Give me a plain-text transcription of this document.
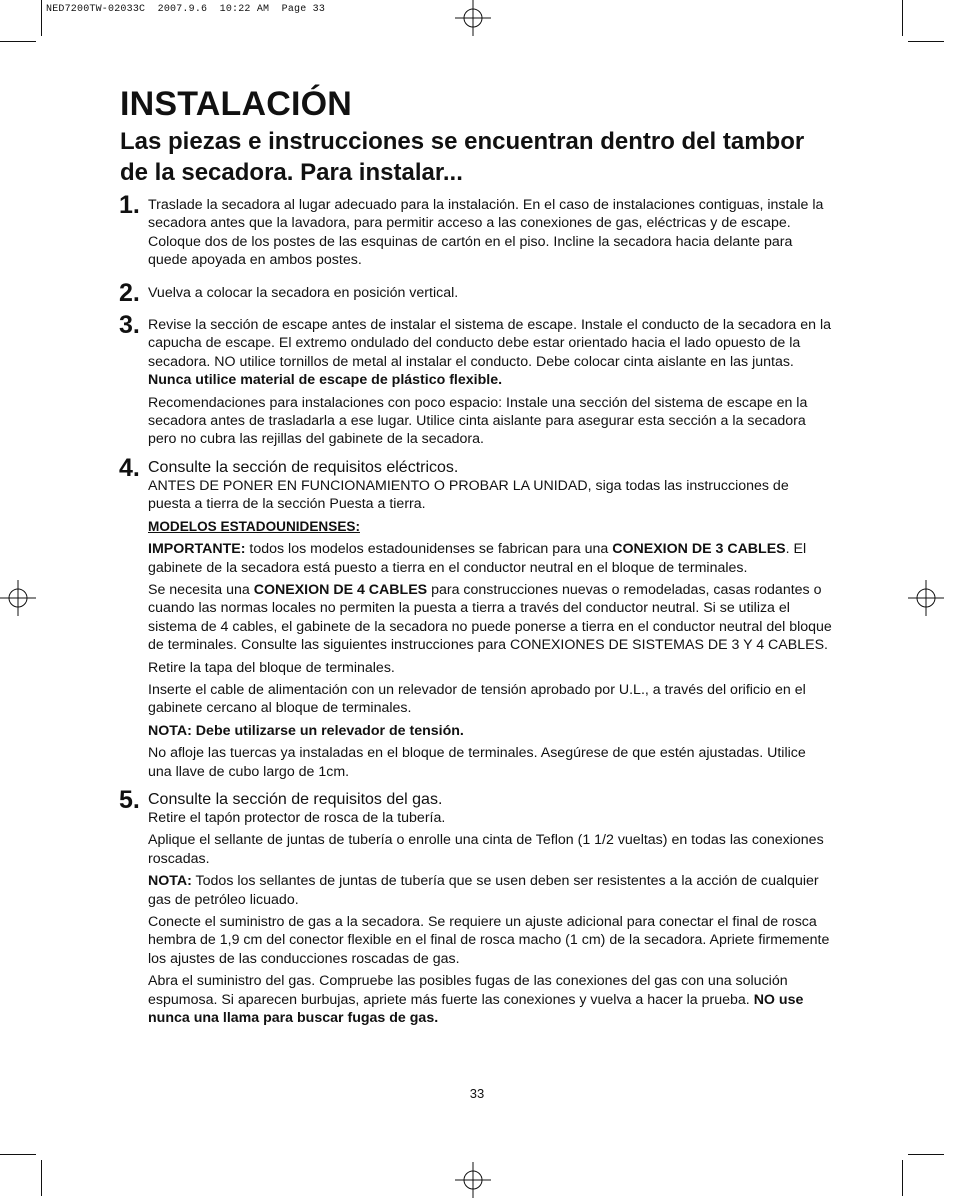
NED7200TW-02033C  2007.9.6  10:22 AM  Page 33
INSTALACIÓN
Las piezas e instrucciones se encuentran dentro del tambor de la secadora. Para instalar...
1. Traslade la secadora al lugar adecuado para la instalación. En el caso de instalaciones contiguas, instale la secadora antes que la lavadora, para permitir acceso a las conexiones de gas, eléctricas y de escape. Coloque dos de los postes de las esquinas de cartón en el piso. Incline la secadora hacia delante para quede apoyada en ambos postes.

2. Vuelva a colocar la secadora en posición vertical.

3. Revise la sección de escape antes de instalar el sistema de escape. Instale el conducto de la secadora en la capucha de escape. El extremo ondulado del conducto debe estar orientado hacia el lado opuesto de la secadora. NO utilice tornillos de metal al instalar el conducto. Debe colocar cinta aislante en las juntas. Nunca utilice material de escape de plástico flexible.

Recomendaciones para instalaciones con poco espacio: Instale una sección del sistema de escape en la secadora antes de trasladarla a ese lugar. Utilice cinta aislante para asegurar esta sección a la secadora pero no cubra las rejillas del gabinete de la secadora.

4. Consulte la sección de requisitos eléctricos.

ANTES DE PONER EN FUNCIONAMIENTO O PROBAR LA UNIDAD, siga todas las instrucciones de puesta a tierra de la sección Puesta a tierra.

MODELOS ESTADOUNIDENSES:

IMPORTANTE: todos los modelos estadounidenses se fabrican para una CONEXION DE 3 CABLES. El gabinete de la secadora está puesto a tierra en el conductor neutral en el bloque de terminales.

Se necesita una CONEXION DE 4 CABLES para construcciones nuevas o remodeladas, casas rodantes o cuando las normas locales no permiten la puesta a tierra a través del conductor neutral. Si se utiliza el sistema de 4 cables, el gabinete de la secadora no puede ponerse a tierra en el conductor neutral del bloque de terminales. Consulte las siguientes instrucciones para CONEXIONES DE SISTEMAS DE 3 Y 4 CABLES.

Retire la tapa del bloque de terminales.

Inserte el cable de alimentación con un relevador de tensión aprobado por U.L., a través del orificio en el gabinete cercano al bloque de terminales.

NOTA: Debe utilizarse un relevador de tensión.

No afloje las tuercas ya instaladas en el bloque de terminales. Asegúrese de que estén ajustadas. Utilice una llave de cubo largo de 1cm.

5. Consulte la sección de requisitos del gas.

Retire el tapón protector de rosca de la tubería.

Aplique el sellante de juntas de tubería o enrolle una cinta de Teflon (1 1/2 vueltas) en todas las conexiones roscadas.

NOTA: Todos los sellantes de juntas de tubería que se usen deben ser resistentes a la acción de cualquier gas de petróleo licuado.

Conecte el suministro de gas a la secadora. Se requiere un ajuste adicional para conectar el final de rosca hembra de 1,9 cm del conector flexible en el final de rosca macho (1 cm) de la secadora. Apriete firmemente los ajustes de las conducciones roscadas de gas.

Abra el suministro del gas. Compruebe las posibles fugas de las conexiones del gas con una solución espumosa. Si aparecen burbujas, apriete más fuerte las conexiones y vuelva a hacer la prueba. NO use nunca una llama para buscar fugas de gas.

33
